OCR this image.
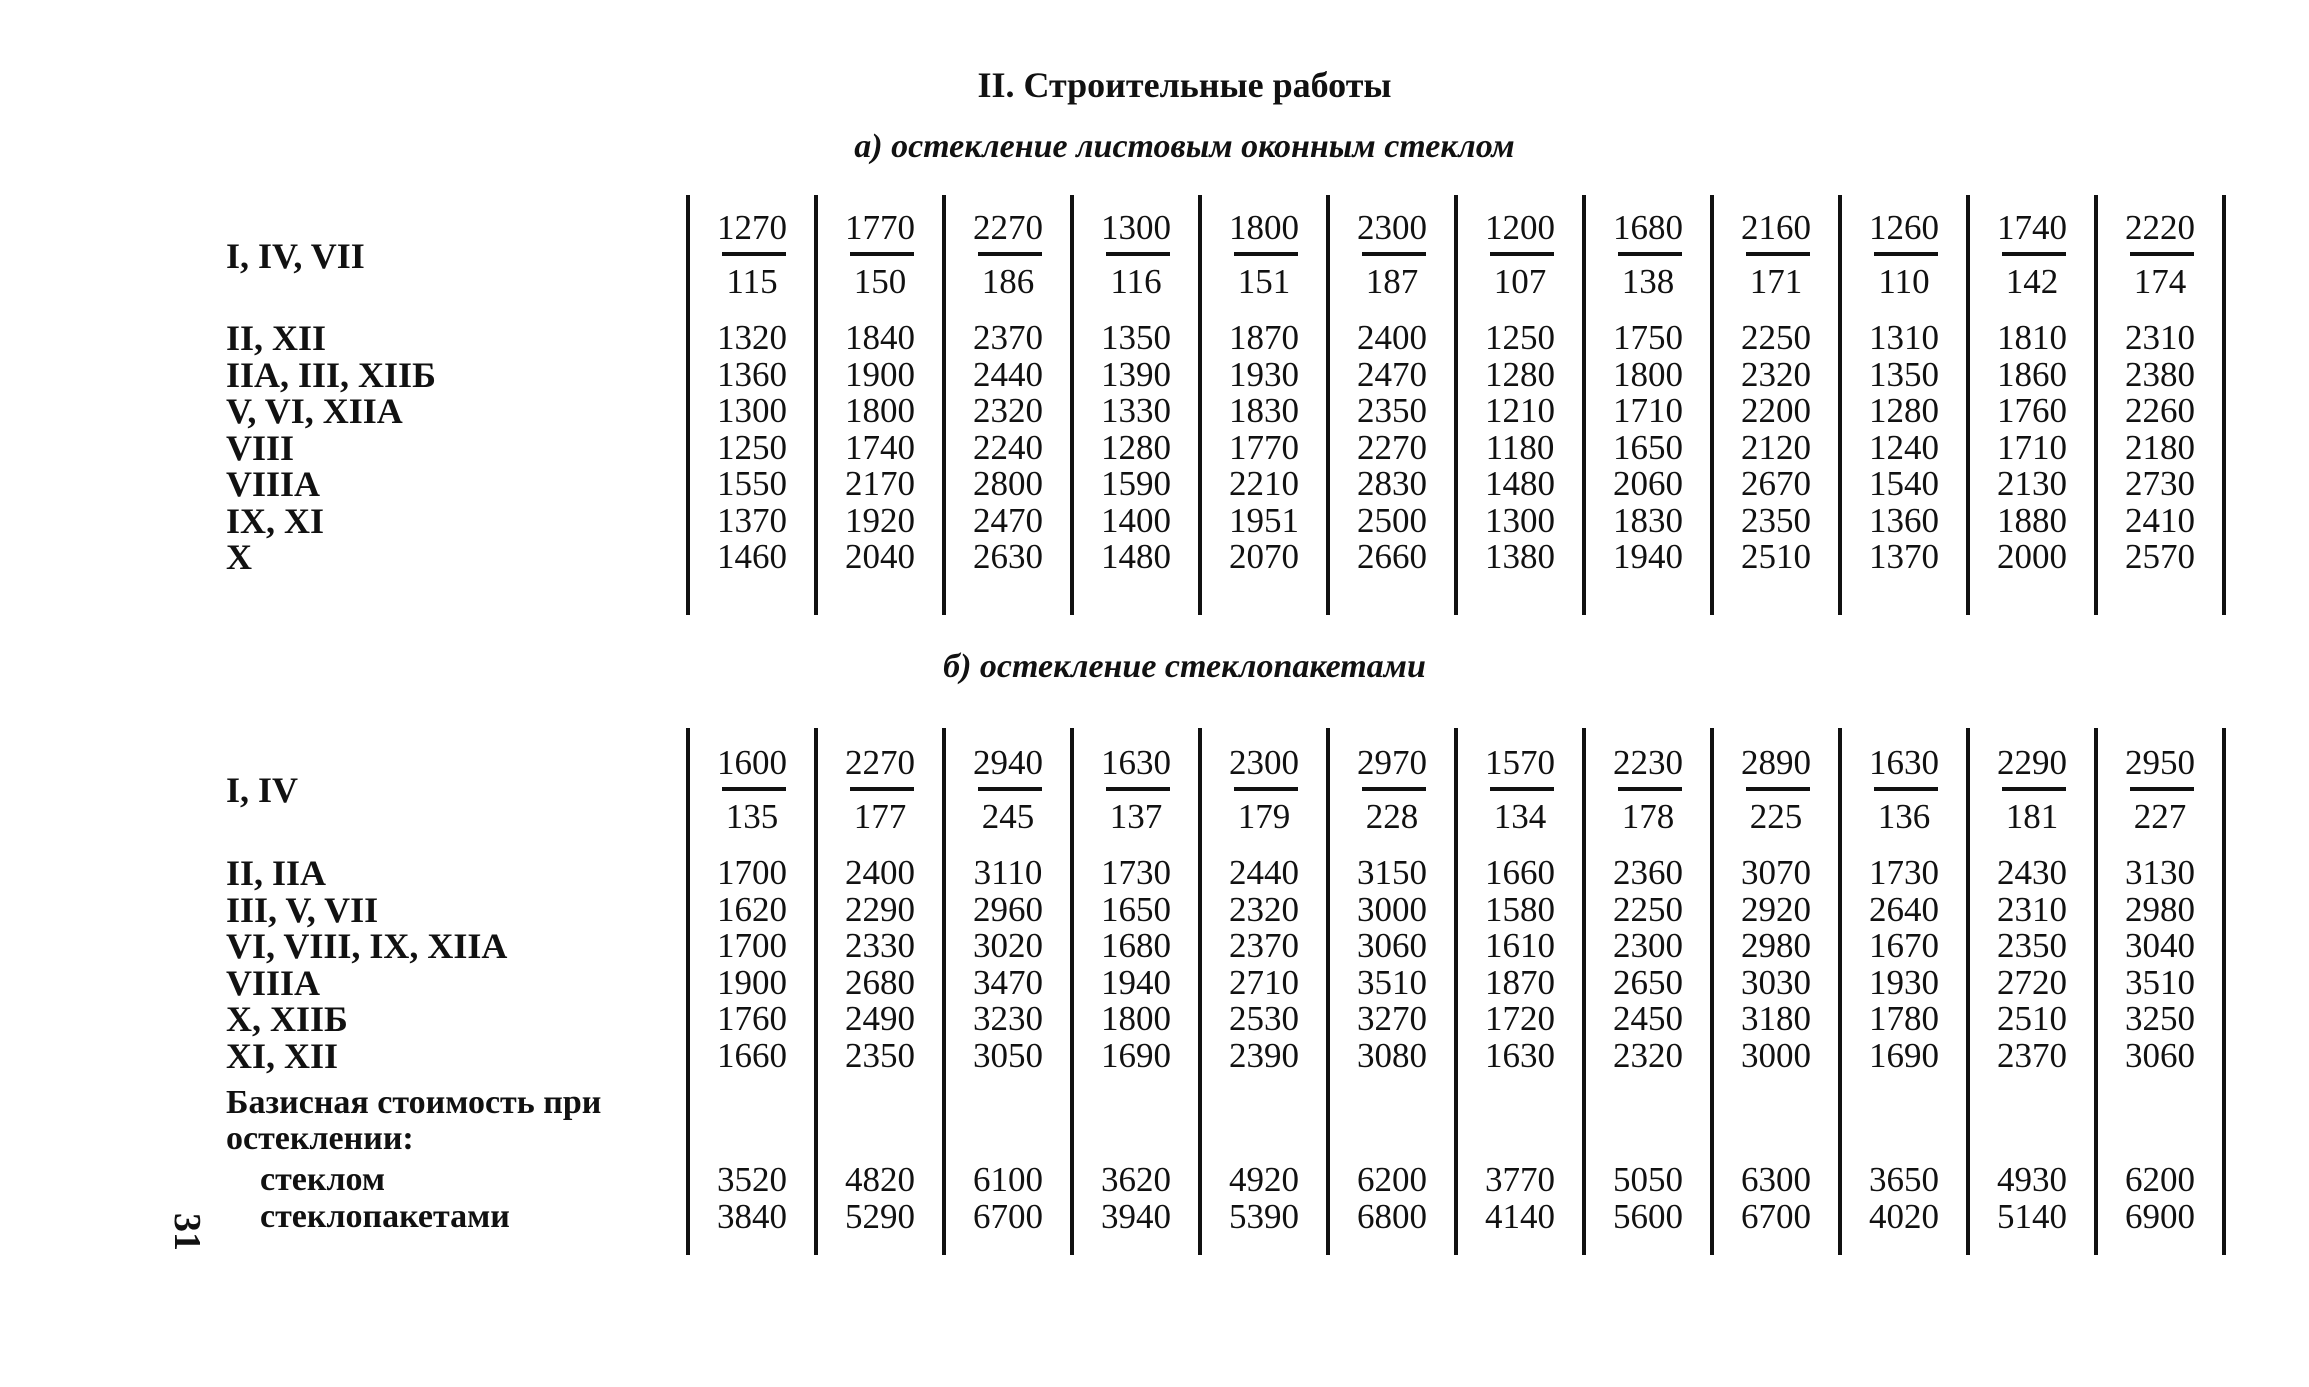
II. Строительные работы
а) остекление листовым оконным стеклом
б) остекление стеклопакетами
I, IV, VII
II, XII
IIA, III, XIIБ
V, VI, XIIA
VIII
VIIIA
IX, XI
X
1270
115
1320
1360
1300
1250
1550
1370
1460
1770
150
1840
1900
1800
1740
2170
1920
2040
2270
186
2370
2440
2320
2240
2800
2470
2630
1300
116
1350
1390
1330
1280
1590
1400
1480
1800
151
1870
1930
1830
1770
2210
1951
2070
2300
187
2400
2470
2350
2270
2830
2500
2660
1200
107
1250
1280
1210
1180
1480
1300
1380
1680
138
1750
1800
1710
1650
2060
1830
1940
2160
171
2250
2320
2200
2120
2670
2350
2510
1260
110
1310
1350
1280
1240
1540
1360
1370
1740
142
1810
1860
1760
1710
2130
1880
2000
2220
174
2310
2380
2260
2180
2730
2410
2570
I, IV
II, IIA
III, V, VII
VI, VIII, IX, XIIA
VIIIA
X, XIIБ
XI, XII
Базисная стоимость при
остеклении:
стеклом
стеклопакетами
1600
135
1700
1620
1700
1900
1760
1660
3520
3840
2270
177
2400
2290
2330
2680
2490
2350
4820
5290
2940
245
3110
2960
3020
3470
3230
3050
6100
6700
1630
137
1730
1650
1680
1940
1800
1690
3620
3940
2300
179
2440
2320
2370
2710
2530
2390
4920
5390
2970
228
3150
3000
3060
3510
3270
3080
6200
6800
1570
134
1660
1580
1610
1870
1720
1630
3770
4140
2230
178
2360
2250
2300
2650
2450
2320
5050
5600
2890
225
3070
2920
2980
3030
3180
3000
6300
6700
1630
136
1730
2640
1670
1930
1780
1690
3650
4020
2290
181
2430
2310
2350
2720
2510
2370
4930
5140
2950
227
3130
2980
3040
3510
3250
3060
6200
6900
31
